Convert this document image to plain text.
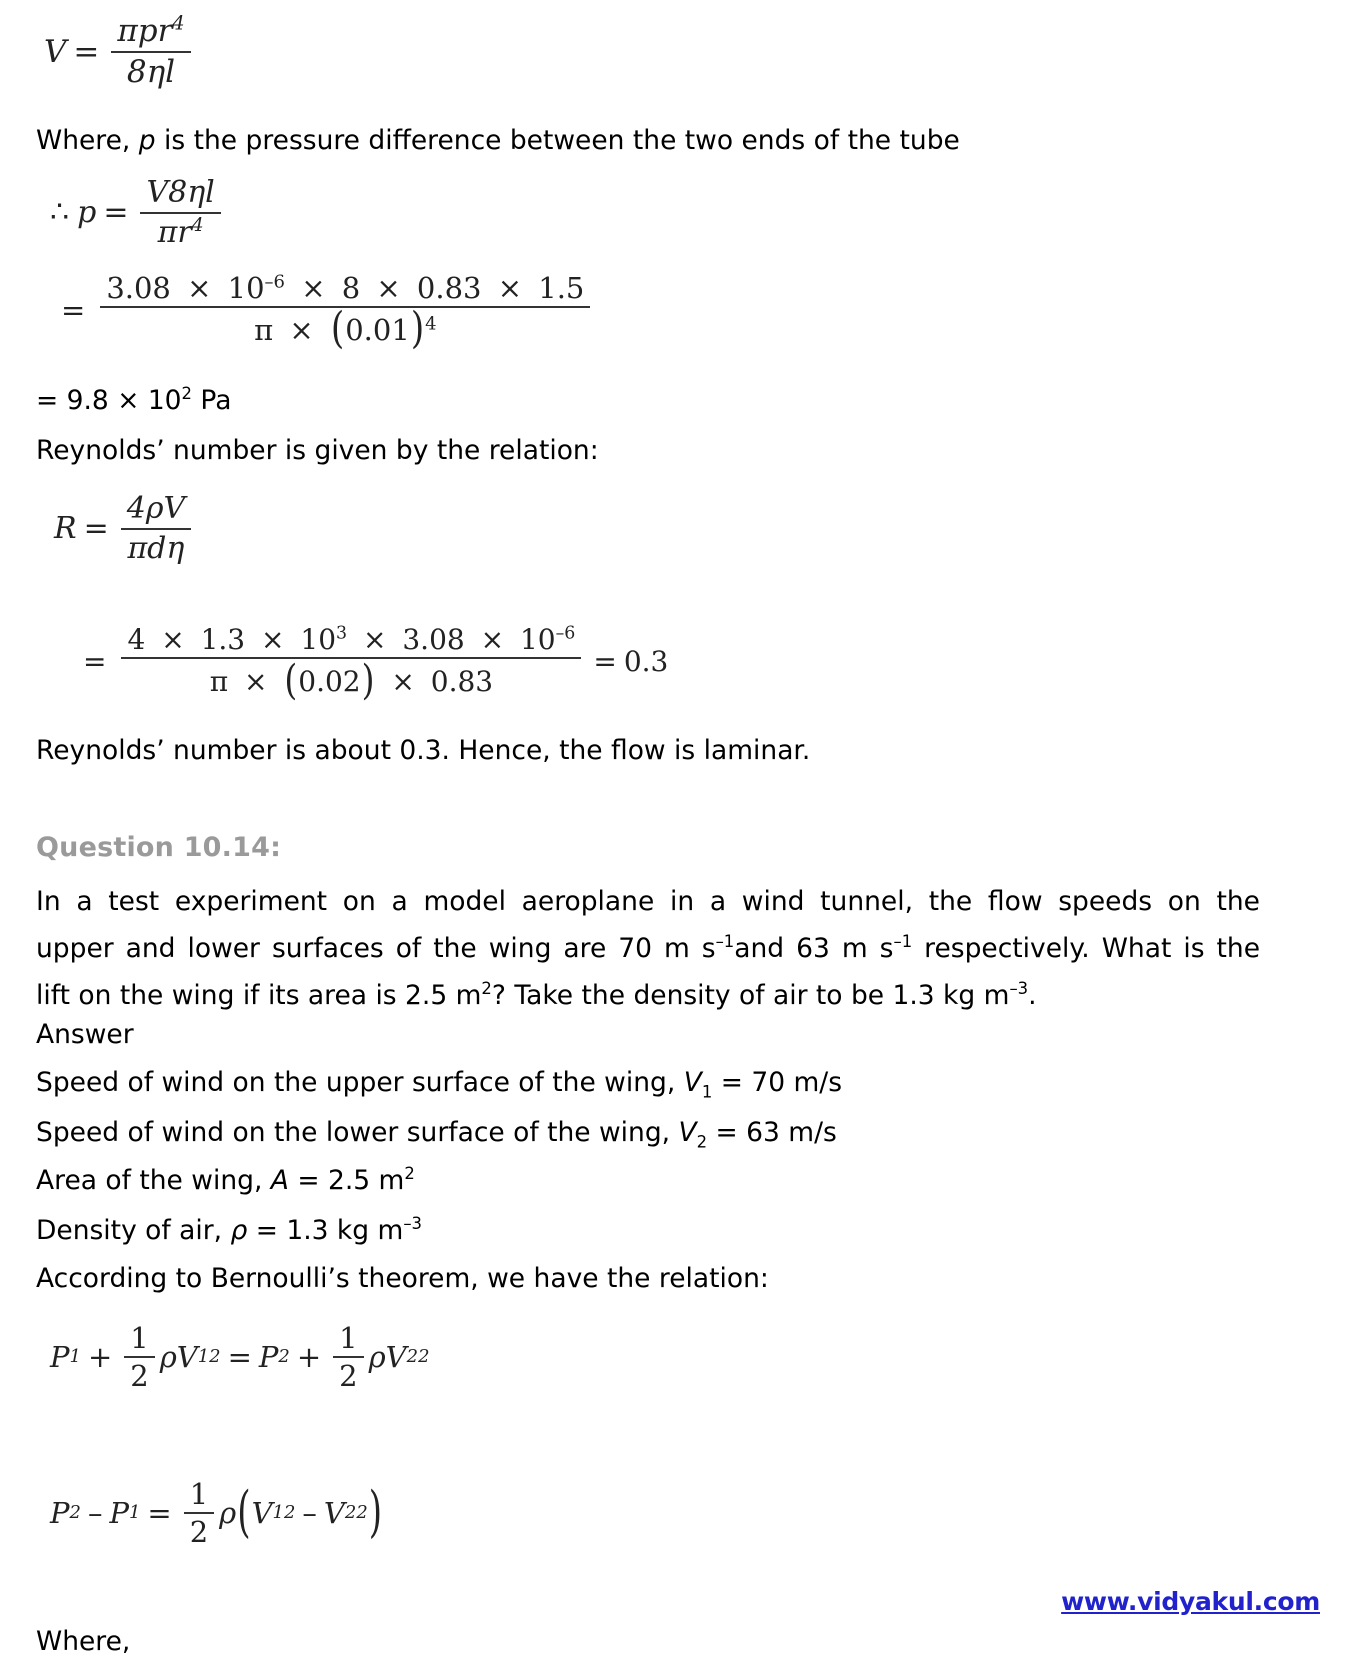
$V = \frac{\pi pr^4}{8\eta l}$
Where, p is the pressure difference between the two ends of the tube
∴ $p = \frac{V8\eta l}{\pi r^4}$
=
$3.08 \times 10^{-6} \times 8 \times 0.83 \times 1.5$
$\pi \times (0.01)^4$
= $9.8 \times 10^2$ Pa
Reynolds’ number is given by the relation:
$R = \frac{4\rho V}{\text{πdη}}$
=
$4 \times 1.3 \times 10^3 \times 3.08 \times 10^{-6}$
π × (0.02) × 0.83
= 0.3
Reynolds’ number is about 0.3. Hence, the flow is laminar.
Question 10.14:
In a test experiment on a model aeroplane in a wind tunnel, the flow speeds on the
upper and lower surfaces of the wing are 70 m $s^{-1}and$ 63 m $s^{-1}$ respectively. What is the
lift on the wing if its area is 2.5 $m^2$? Take the density of air to be 1.3 kg $m^{-3}$.
Answer
Speed of wind on the upper surface of the wing, $V_1 = 70$ m/s
Speed of wind on the lower surface of the wing, $V_2 = 63$ m/s
Area of the wing, A = 2.5 $m^2$
Density of air, ρ = 1.3 kg $m^{-3}$
According to Bernoulli’s theorem, we have the relation:
P $1 + \frac{1}{2}$ ρV 1 2 = P $2 + \frac{1}{2}$ ρV 2 2
P 2 – P $1 = \frac{1}{2}$ ρ ( V 1 2 – V 2 2 )
Where,
www.vidyakul.com
